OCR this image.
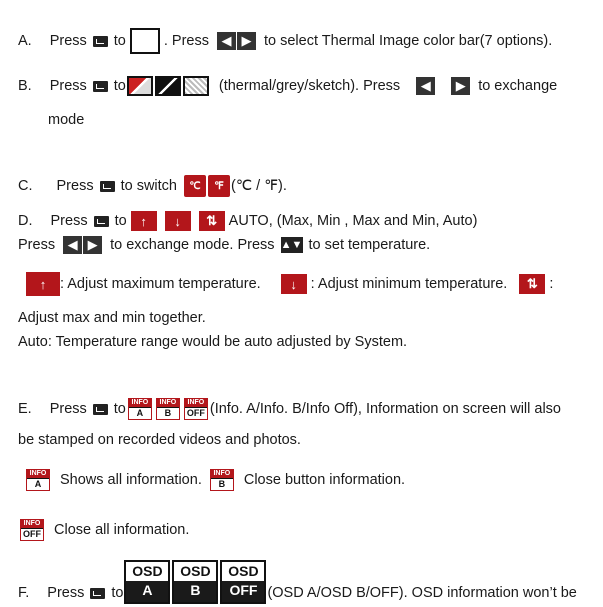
A. Press to	. Press ◀ ▶ to select Thermal Image color bar(7 options).
B. Press to	(thermal/grey/sketch). Press	◀	▶ to exchange
mode
C. Press to switch	℃	℉ (℃ / ℉).
D. Press to	↑	↓	⇅ AUTO, (Max, Min , Max and Min, Auto)
Press ◀ ▶ to exchange mode. Press ▲▼ to set temperature.
↑ : Adjust maximum temperature.	↓ : Adjust minimum temperature.	⇅ :
Adjust max and min together.
Auto: Temperature range would be auto adjusted by System.
E. Press to INFO
A
INFO
B
INFO
OFF (Info. A/Info. B/Info Off), Information on screen will also
be stamped on recorded videos and photos.
INFO
A	Shows all information.	INFO
B	Close button information.
INFO
OFF Close all information.
F. Press to
OSD
A
OSD
B
OSD
OFF (OSD A/OSD B/OFF). OSD information won’t be
